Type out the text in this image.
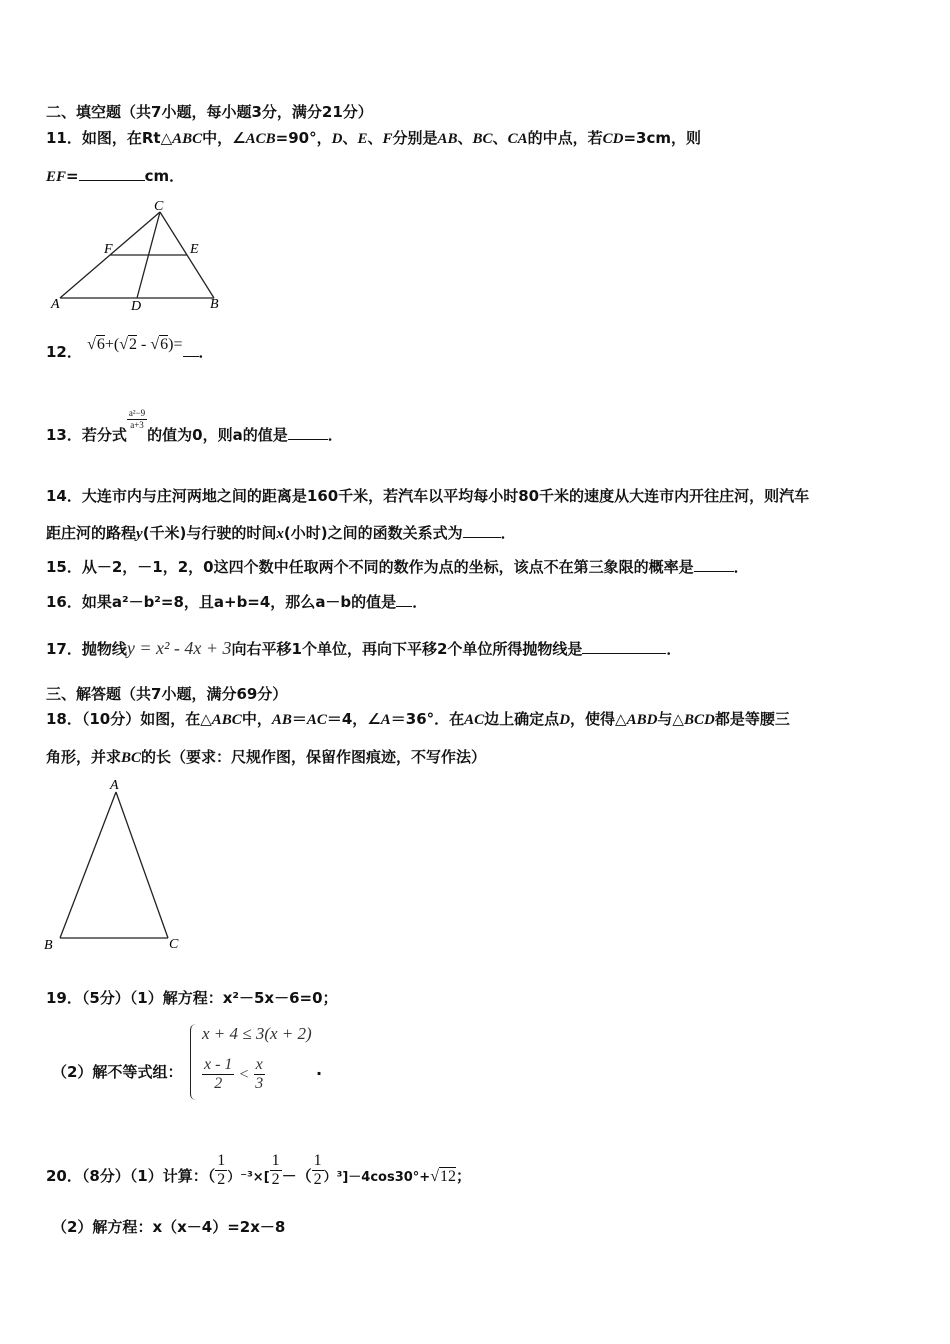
二、填空题（共7小题，每小题3分，满分21分）
11．如图，在Rt△ABC中，∠ACB=90°，D、E、F分别是AB、BC、CA的中点，若CD=3cm，则
EF=	cm．
C
F	E
A	D	B
12． √6+(√2 - √6)= ．
13．若分式
$\frac{\text{a²−9}}{a+3}$
的值为0，则a的值是	．
14．大连市内与庄河两地之间的距离是160千米，若汽车以平均每小时80千米的速度从大连市内开往庄河，则汽车
距庄河的路程y(千米)与行驶的时间x(小时)之间的函数关系式为	．
15．从－2，－1，2，0这四个数中任取两个不同的数作为点的坐标，该点不在第三象限的概率是	．
16．如果a²－b²=8，且a+b=4，那么a－b的值是 ．
17．抛物线y = x² - 4x + 3向右平移1个单位，再向下平移2个单位所得抛物线是	．
三、解答题（共7小题，满分69分）
18．（10分）如图，在△ABC中，AB＝AC＝4，∠A＝36°．在AC边上确定点D，使得△ABD与△BCD都是等腰三
角形，并求BC的长（要求：尺规作图，保留作图痕迹，不写作法）
A
B	C
19．（5分）（1）解方程：x²－5x－6=0；
（2）解不等式组：
x + 4 ≤ 3(x + 2)
$\frac{x - 1}{2} < \frac{x}{3}$	.
20．（8分）（1）计算：（ $\frac{1}{2} )^{-3}\times[ \frac{1}{2}$ －（ $\frac{1}{2} )^3]-4\cos 30^\circ+√12$；
（2）解方程：x（x－4）=2x－8
